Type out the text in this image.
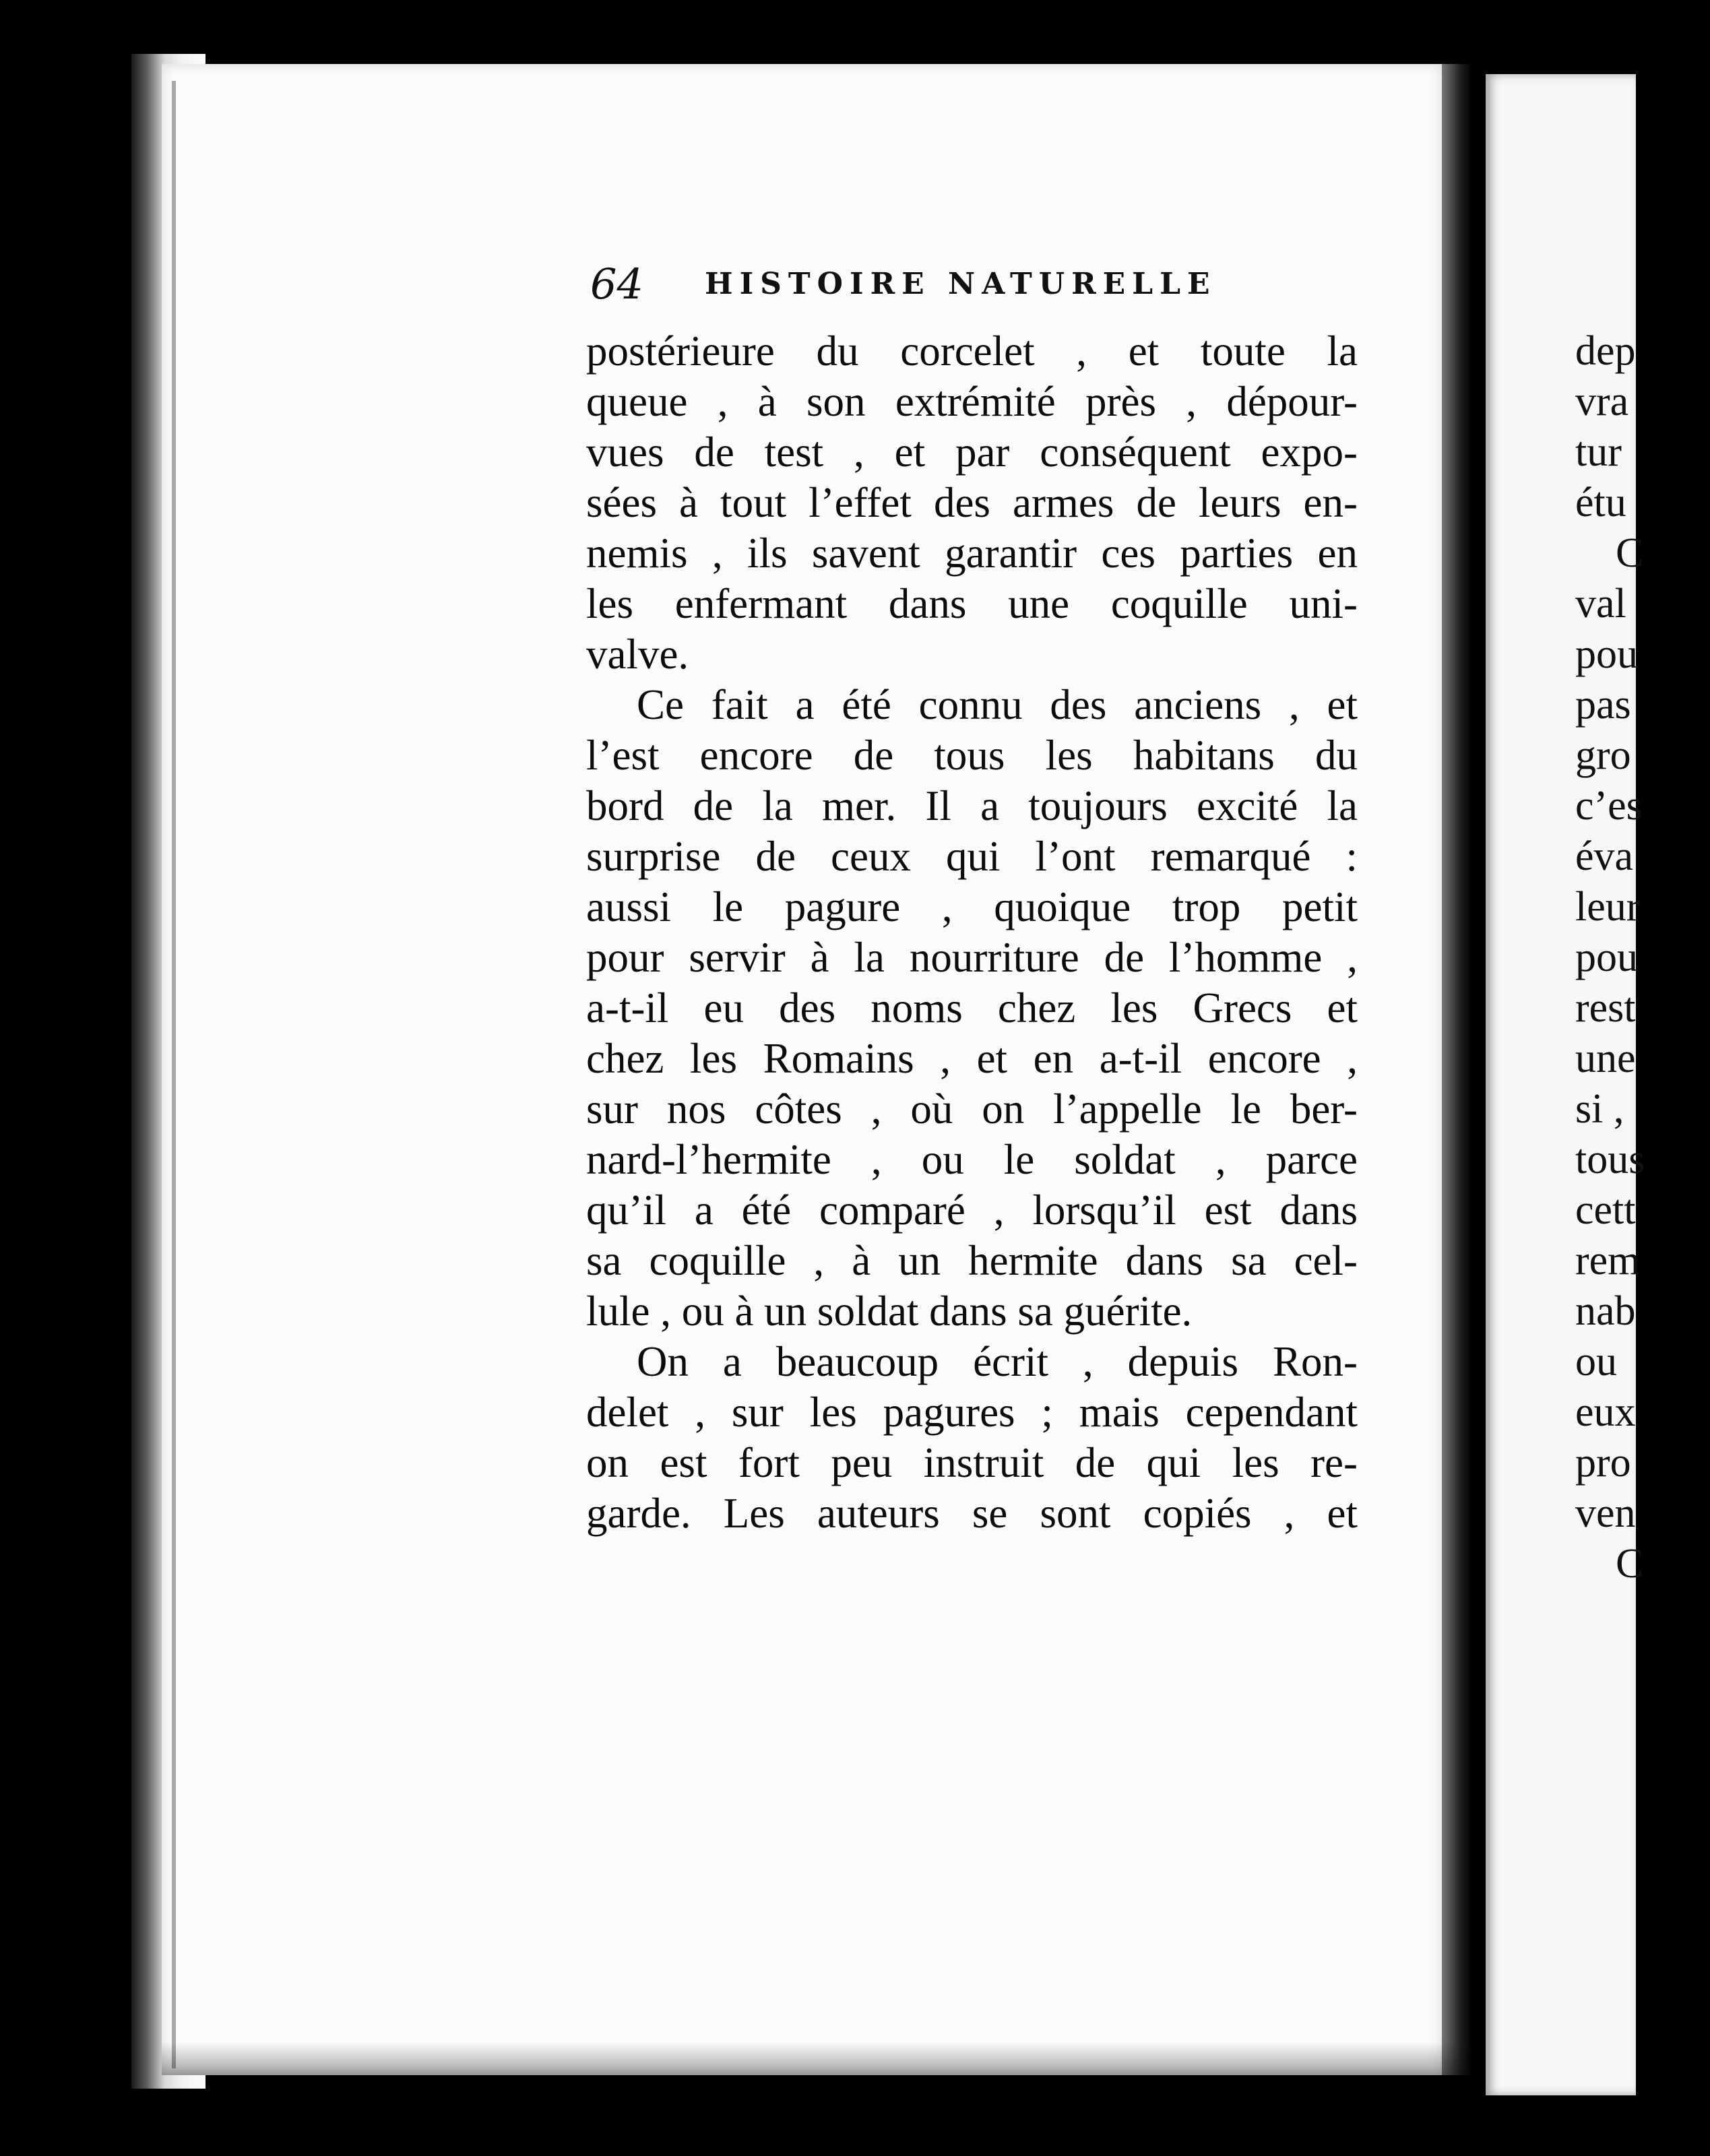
64 HISTOIRE NATURELLE
postérieure du corcelet , et toute la
queue , à son extrémité près , dépour-
vues de test , et par conséquent expo-
sées à tout l’effet des armes de leurs en-
nemis , ils savent garantir ces parties en
les enfermant dans une coquille uni-
valve.
Ce fait a été connu des anciens , et
l’est encore de tous les habitans du
bord de la mer. Il a toujours excité la
surprise de ceux qui l’ont remarqué :
aussi le pagure , quoique trop petit
pour servir à la nourriture de l’homme ,
a-t-il eu des noms chez les Grecs et
chez les Romains , et en a-t-il encore ,
sur nos côtes , où on l’appelle le ber-
nard-l’hermite , ou le soldat , parce
qu’il a été comparé , lorsqu’il est dans
sa coquille , à un hermite dans sa cel-
lule , ou à un soldat dans sa guérite.
On a beaucoup écrit , depuis Ron-
delet , sur les pagures ; mais cependant
on est fort peu instruit de qui les re-
garde. Les auteurs se sont copiés , et
dep
vra
tur
étu
C
val
pou
pas
gro
c’es
éva
leur
pou
rest
une
si ,
tous
cett
rem
nab
ou
eux
pro
ven
C
